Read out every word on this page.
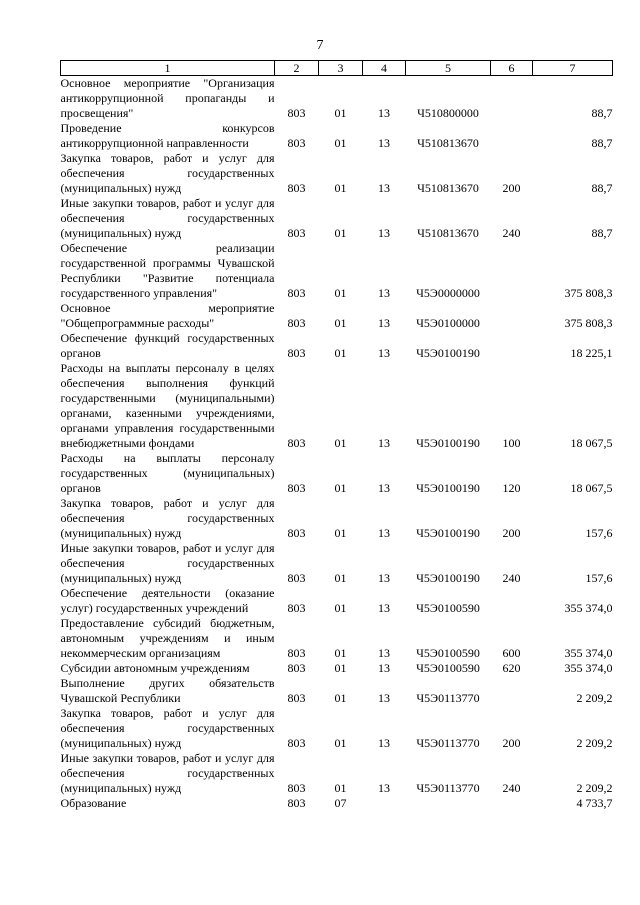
7
1	2	3	4	5	6	7
Основное мероприятие "Организация антикоррупционной пропаганды и просвещения"	803	01	13	Ч510800000		88,7
Проведение конкурсов антикоррупционной направленности	803	01	13	Ч510813670		88,7
Закупка товаров, работ и услуг для обеспечения государственных (муниципальных) нужд	803	01	13	Ч510813670	200	88,7
Иные закупки товаров, работ и услуг для обеспечения государственных (муниципальных) нужд	803	01	13	Ч510813670	240	88,7
Обеспечение реализации государственной программы Чувашской Республики "Развитие потенциала государственного управления"	803	01	13	Ч5Э0000000		375 808,3
Основное мероприятие "Общепрограммные расходы"	803	01	13	Ч5Э0100000		375 808,3
Обеспечение функций государственных органов	803	01	13	Ч5Э0100190		18 225,1
Расходы на выплаты персоналу в целях обеспечения выполнения функций государственными (муниципальными) органами, казенными учреждениями, органами управления государственными внебюджетными фондами	803	01	13	Ч5Э0100190	100	18 067,5
Расходы на выплаты персоналу государственных (муниципальных) органов	803	01	13	Ч5Э0100190	120	18 067,5
Закупка товаров, работ и услуг для обеспечения государственных (муниципальных) нужд	803	01	13	Ч5Э0100190	200	157,6
Иные закупки товаров, работ и услуг для обеспечения государственных (муниципальных) нужд	803	01	13	Ч5Э0100190	240	157,6
Обеспечение деятельности (оказание услуг) государственных учреждений	803	01	13	Ч5Э0100590		355 374,0
Предоставление субсидий бюджетным, автономным учреждениям и иным некоммерческим организациям	803	01	13	Ч5Э0100590	600	355 374,0
Субсидии автономным учреждениям	803	01	13	Ч5Э0100590	620	355 374,0
Выполнение других обязательств Чувашской Республики	803	01	13	Ч5Э0113770		2 209,2
Закупка товаров, работ и услуг для обеспечения государственных (муниципальных) нужд	803	01	13	Ч5Э0113770	200	2 209,2
Иные закупки товаров, работ и услуг для обеспечения государственных (муниципальных) нужд	803	01	13	Ч5Э0113770	240	2 209,2
Образование	803	07				4 733,7
